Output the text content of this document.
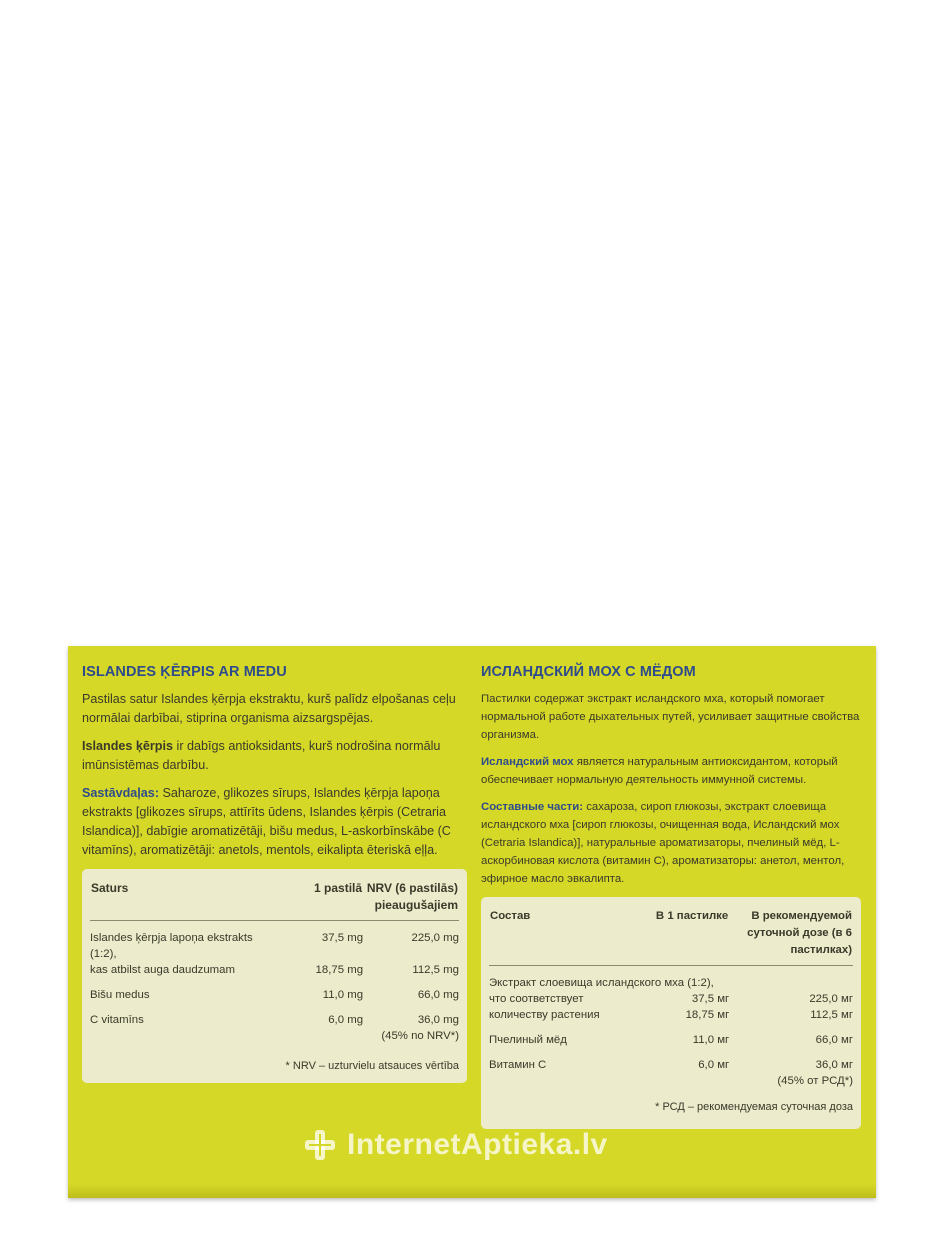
ISLANDES ĶĒRPIS AR MEDU

Pastilas satur Islandes ķērpja ekstraktu, kurš palīdz elpošanas ceļu normālai darbībai, stiprina organisma aizsargspējas.

Islandes ķērpis ir dabīgs antioksidants, kurš nodrošina normālu imūnsistēmas darbību.

Sastāvdaļas: Saharoze, glikozes sīrups, Islandes ķērpja lapoņa ekstrakts [glikozes sīrups, attīrīts ūdens, Islandes ķērpis (Cetraria Islandica)], dabīgie aromatizētāji, bišu medus, L-askorbīnskābe (C vitamīns), aromatizētāji: anetols, mentols, eikalipta ēteriskā eļļa.

Saturs	1 pastilā	NRV (6 pastilās) pieaugušajiem
Islandes ķērpja lapoņa ekstrakts (1:2),	37,5 mg	225,0 mg
kas atbilst auga daudzumam	18,75 mg	112,5 mg
Bišu medus	11,0 mg	66,0 mg
C vitamīns	6,0 mg	36,0 mg
		(45% no NRV*)
* NRV – uzturvielu atsauces vērtība
ИСЛАНДСКИЙ МОХ С МЁДОМ

Пастилки содержат экстракт исландского мха, который помогает нормальной работе дыхательных путей, усиливает защитные свойства организма.

Исландский мох является натуральным антиоксидантом, который обеспечивает нормальную деятельность иммунной системы.

Составные части: сахароза, сироп глюкозы, экстракт слоевища исландского мха [сироп глюкозы, очищенная вода, Исландский мох (Cetraria Islandica)], натуральные ароматизаторы, пчелиный мёд, L-аскорбиновая кислота (витамин С), ароматизаторы: анетол, ментол, эфирное масло эвкалипта.

Состав	В 1 пастилке	В рекомендуемой суточной дозе (в 6 пастилках)
Экстракт слоевища исландского мха (1:2),		
что соответствует	37,5 мг	225,0 мг
количеству растения	18,75 мг	112,5 мг
Пчелиный мёд	11,0 мг	66,0 мг
Витамин С	6,0 мг	36,0 мг
		(45% от РСД*)
* РСД – рекомендуемая суточная доза
InternetAptieka.lv
